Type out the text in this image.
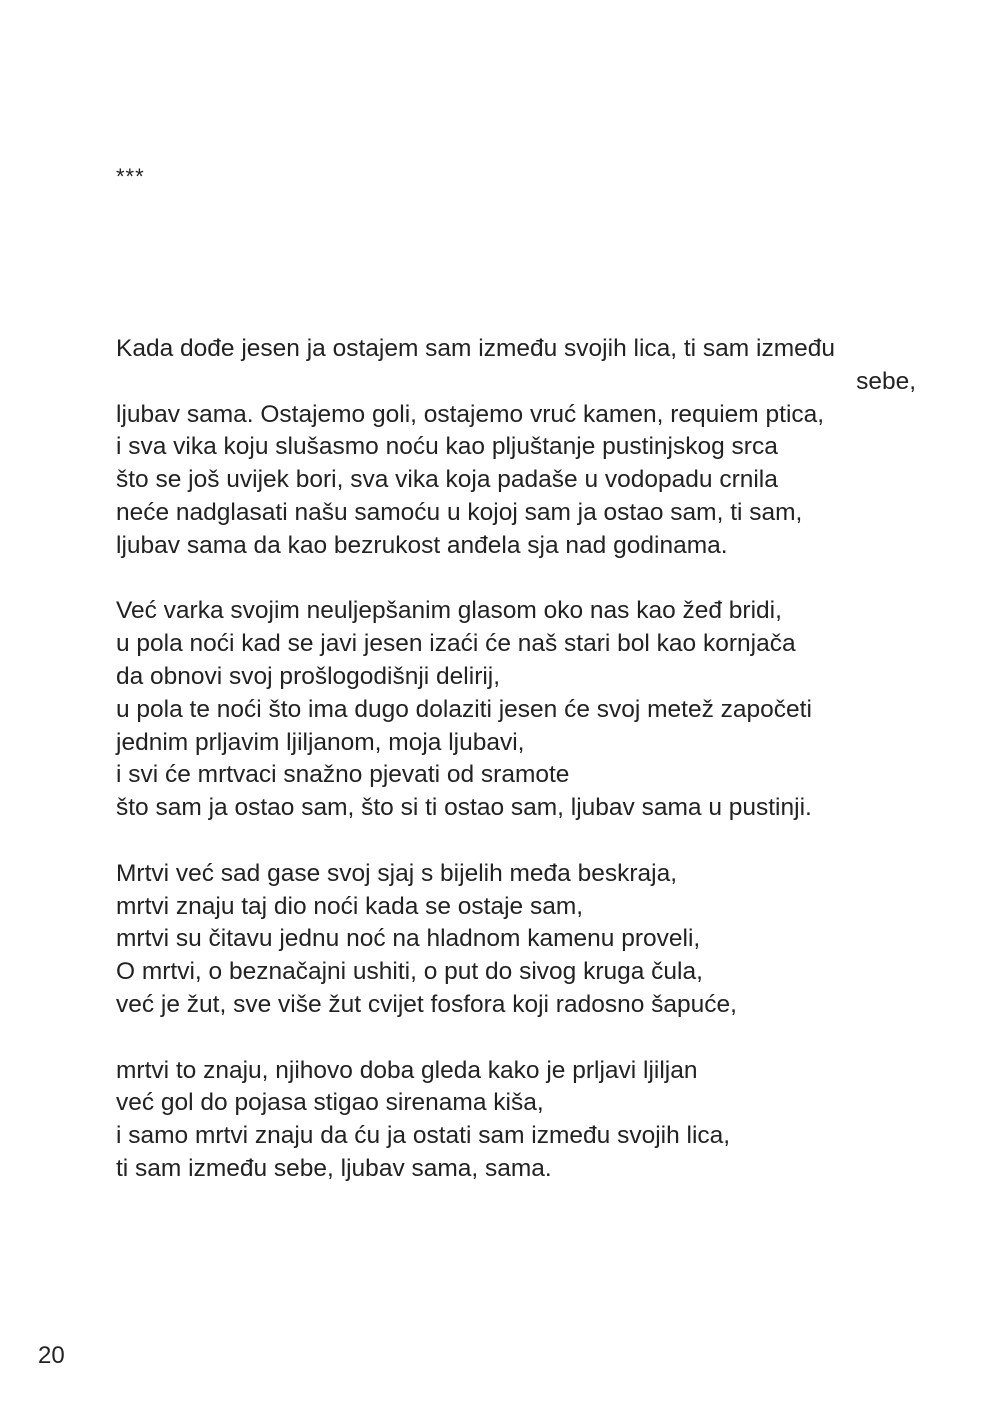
***
Kada dođe jesen ja ostajem sam između svojih lica, ti sam između
sebe,
ljubav sama. Ostajemo goli, ostajemo vruć kamen, requiem ptica,
i sva vika koju slušasmo noću kao pljuštanje pustinjskog srca
što se još uvijek bori, sva vika koja padaše u vodopadu crnila
neće nadglasati našu samoću u kojoj sam ja ostao sam, ti sam,
ljubav sama da kao bezrukost anđela sja nad godinama.
Već varka svojim neuljepšanim glasom oko nas kao žeđ bridi,
u pola noći kad se javi jesen izaći će naš stari bol kao kornjača
da obnovi svoj prošlogodišnji delirij,
u pola te noći što ima dugo dolaziti jesen će svoj metež započeti
jednim prljavim ljiljanom, moja ljubavi,
i svi će mrtvaci snažno pjevati od sramote
što sam ja ostao sam, što si ti ostao sam, ljubav sama u pustinji.
Mrtvi već sad gase svoj sjaj s bijelih međa beskraja,
mrtvi znaju taj dio noći kada se ostaje sam,
mrtvi su čitavu jednu noć na hladnom kamenu proveli,
O mrtvi, o beznačajni ushiti, o put do sivog kruga čula,
već je žut, sve više žut cvijet fosfora koji radosno šapuće,
mrtvi to znaju, njihovo doba gleda kako je prljavi ljiljan
već gol do pojasa stigao sirenama kiša,
i samo mrtvi znaju da ću ja ostati sam između svojih lica,
ti sam između sebe, ljubav sama, sama.
20
